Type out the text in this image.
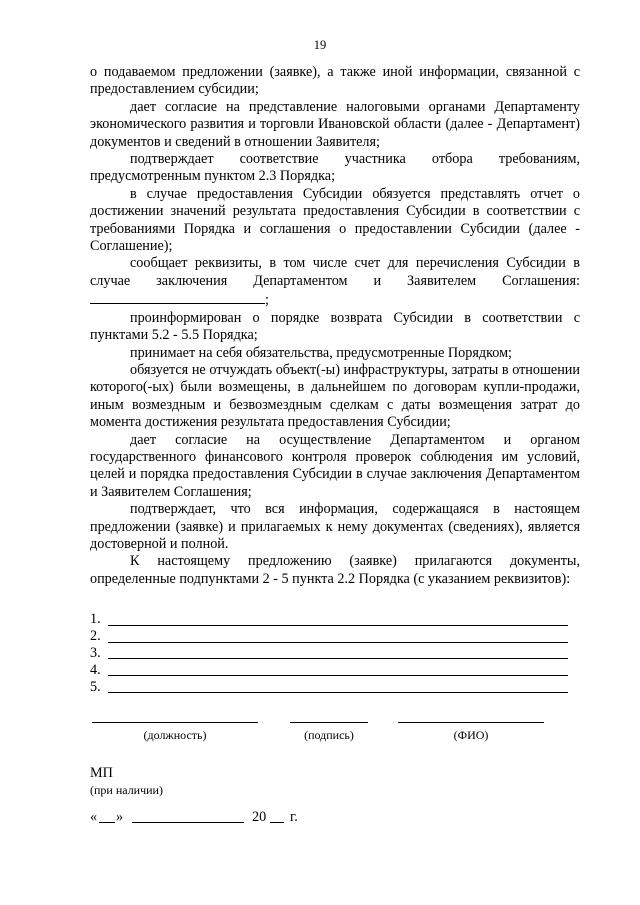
19

о подаваемом предложении (заявке), а также иной информации, связанной с предоставлением субсидии;

дает согласие на представление налоговыми органами Департаменту экономического развития и торговли Ивановской области (далее - Департамент) документов и сведений в отношении Заявителя;

подтверждает соответствие участника отбора требованиям, предусмотренным пунктом 2.3 Порядка;

в случае предоставления Субсидии обязуется представлять отчет о достижении значений результата предоставления Субсидии в соответствии с требованиями Порядка и соглашения о предоставлении Субсидии (далее - Соглашение);

сообщает реквизиты, в том числе счет для перечисления Субсидии в случае заключения Департаментом и Заявителем Соглашения:

;

проинформирован о порядке возврата Субсидии в соответствии с пунктами 5.2 - 5.5 Порядка;

принимает на себя обязательства, предусмотренные Порядком;

обязуется не отчуждать объект(-ы) инфраструктуры, затраты в отношении которого(-ых) были возмещены, в дальнейшем по договорам купли-продажи, иным возмездным и безвозмездным сделкам с даты возмещения затрат до момента достижения результата предоставления Субсидии;

дает согласие на осуществление Департаментом и органом государственного финансового контроля проверок соблюдения им условий, целей и порядка предоставления Субсидии в случае заключения Департаментом и Заявителем Соглашения;

подтверждает, что вся информация, содержащаяся в настоящем предложении (заявке) и прилагаемых к нему документах (сведениях), является достоверной и полной.

К настоящему предложению (заявке) прилагаются документы, определенные подпунктами 2 - 5 пункта 2.2 Порядка (с указанием реквизитов):

1.
2.
3.
4.
5.
(должность)	(подпись)	(ФИО)
МП
(при наличии)
« »	20 г.
